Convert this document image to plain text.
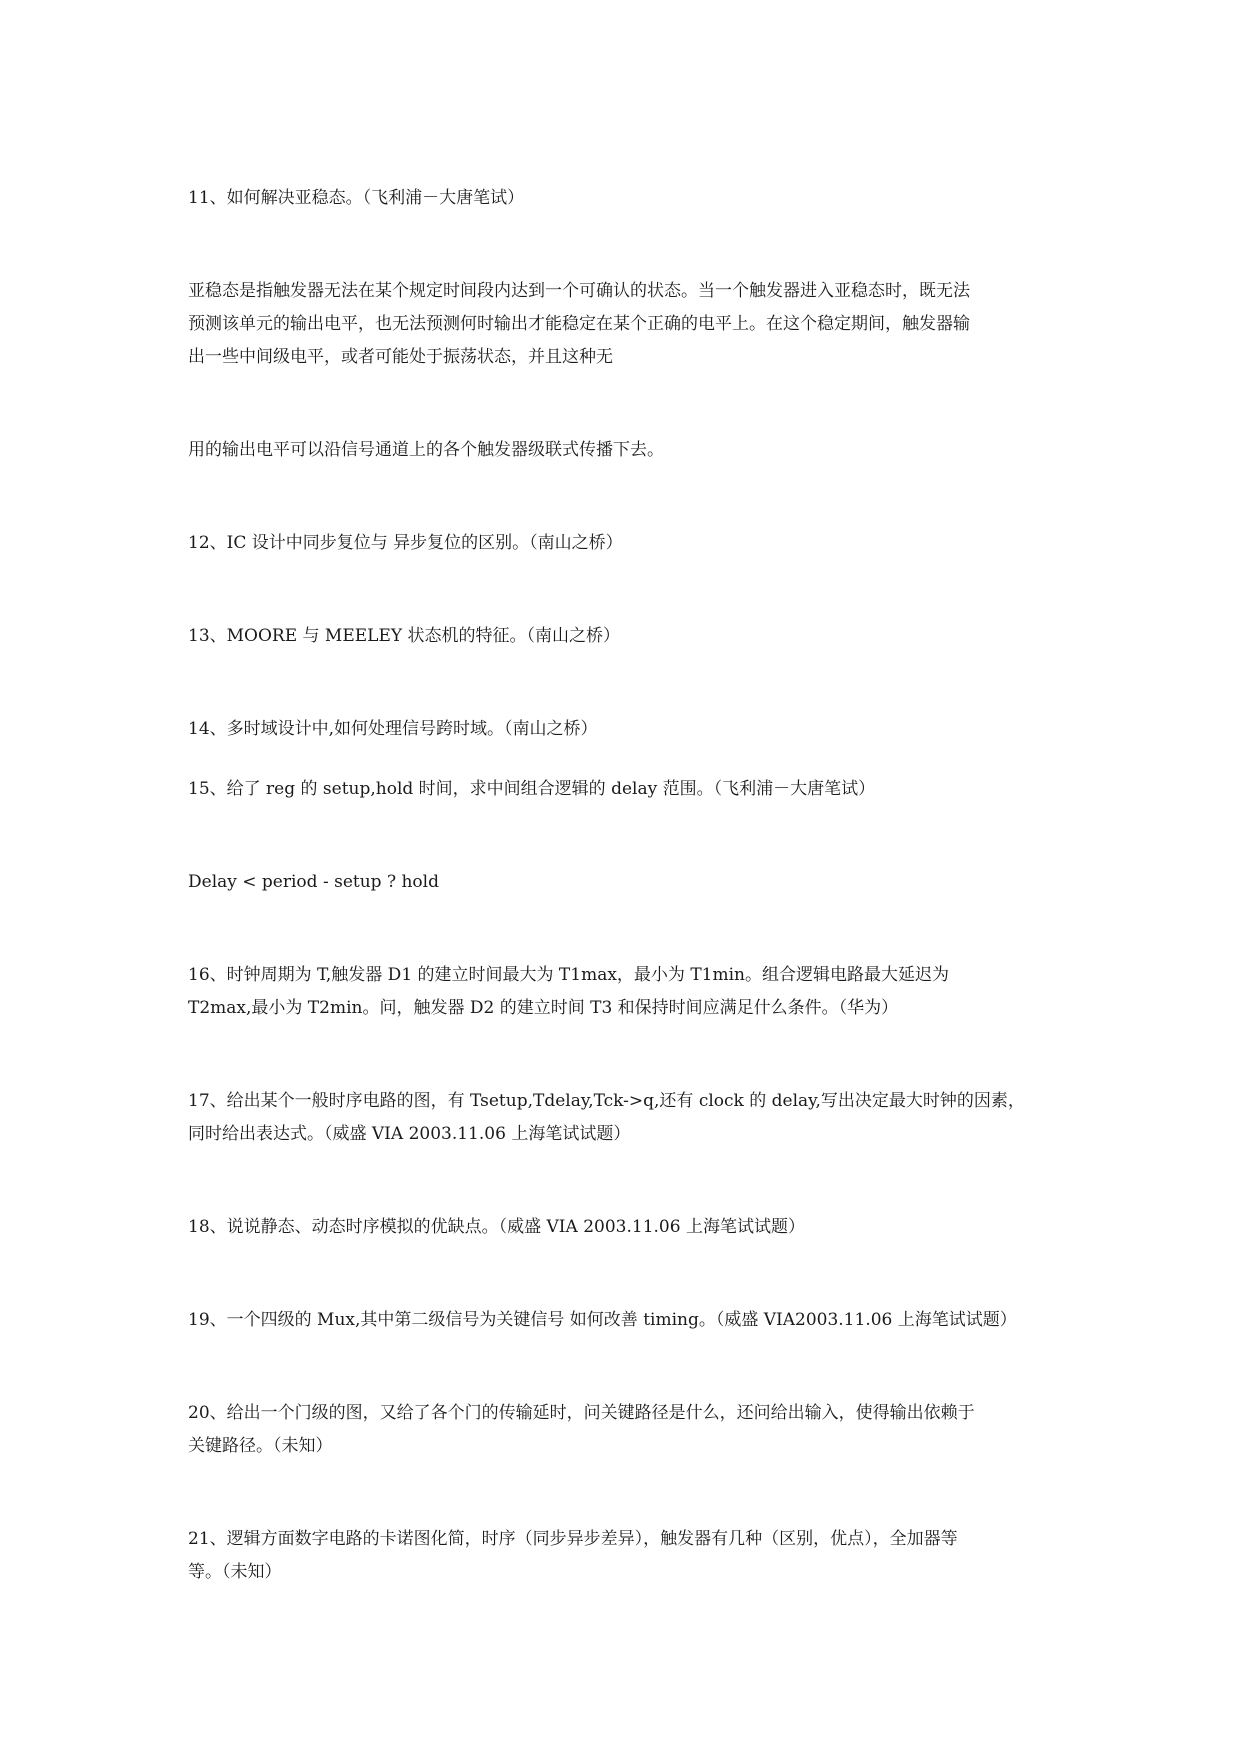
11、如何解决亚稳态。（飞利浦－大唐笔试）
亚稳态是指触发器无法在某个规定时间段内达到一个可确认的状态。当一个触发器进入亚稳态时，既无法
预测该单元的输出电平，也无法预测何时输出才能稳定在某个正确的电平上。在这个稳定期间，触发器输
出一些中间级电平，或者可能处于振荡状态，并且这种无
用的输出电平可以沿信号通道上的各个触发器级联式传播下去。
12、IC 设计中同步复位与 异步复位的区别。（南山之桥）
13、MOORE 与 MEELEY 状态机的特征。（南山之桥）
14、多时域设计中,如何处理信号跨时域。（南山之桥）
15、给了 reg 的 setup,hold 时间，求中间组合逻辑的 delay 范围。（飞利浦－大唐笔试）
Delay < period - setup ? hold
16、时钟周期为 T,触发器 D1 的建立时间最大为 T1max，最小为 T1min。组合逻辑电路最大延迟为
T2max,最小为 T2min。问，触发器 D2 的建立时间 T3 和保持时间应满足什么条件。（华为）
17、给出某个一般时序电路的图，有 Tsetup,Tdelay,Tck->q,还有 clock 的 delay,写出决定最大时钟的因素，
同时给出表达式。（威盛 VIA 2003.11.06 上海笔试试题）
18、说说静态、动态时序模拟的优缺点。（威盛 VIA 2003.11.06 上海笔试试题）
19、一个四级的 Mux,其中第二级信号为关键信号 如何改善 timing。（威盛 VIA2003.11.06 上海笔试试题）
20、给出一个门级的图，又给了各个门的传输延时，问关键路径是什么，还问给出输入，使得输出依赖于
关键路径。（未知）
21、逻辑方面数字电路的卡诺图化简，时序（同步异步差异），触发器有几种（区别，优点），全加器等
等。（未知）
